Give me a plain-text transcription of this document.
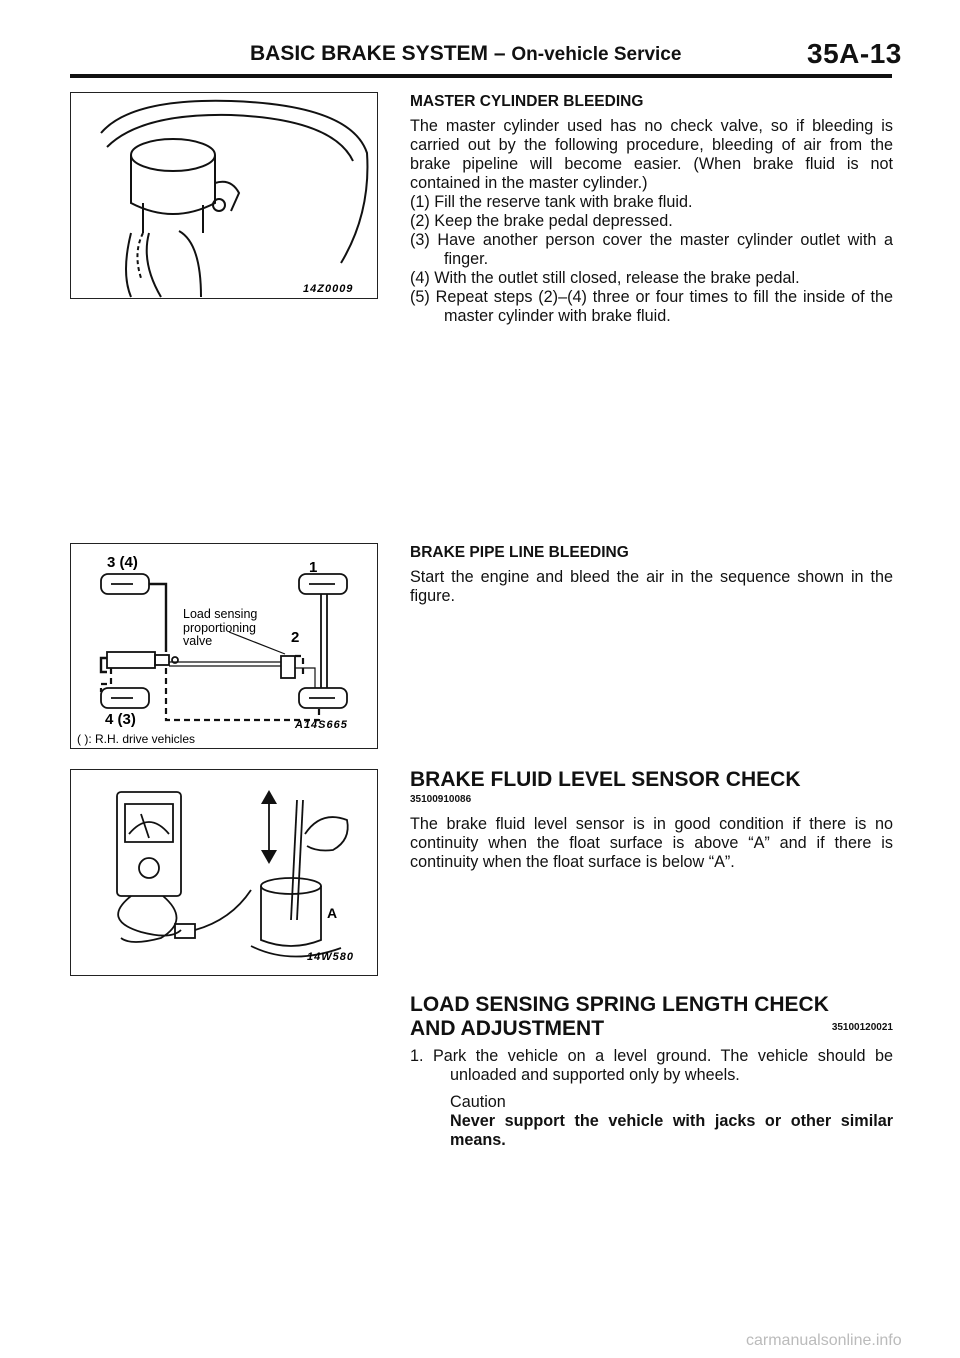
BASIC BRAKE SYSTEM – On-vehicle Service	35A-13
14Z0009
3 (4)	1
2
4 (3)
Load sensing
proportioning
valve
A14S665
( ): R.H. drive vehicles
A
14W580

MASTER CYLINDER BLEEDING

The master cylinder used has no check valve, so if bleeding is carried out by the following procedure, bleeding of air from the brake pipeline will become easier. (When brake fluid is not contained in the master cylinder.)

(1) Fill the reserve tank with brake fluid.

(2) Keep the brake pedal depressed.

(3) Have another person cover the master cylinder outlet with a finger.

(4) With the outlet still closed, release the brake pedal.

(5) Repeat steps (2)–(4) three or four times to fill the inside of the master cylinder with brake fluid.

BRAKE PIPE LINE BLEEDING

Start the engine and bleed the air in the sequence shown in the figure.

BRAKE FLUID LEVEL SENSOR CHECK

35100910086

The brake fluid level sensor is in good condition if there is no continuity when the float surface is above “A” and if there is continuity when the float surface is below “A”.

LOAD SENSING SPRING LENGTH CHECK

AND ADJUSTMENT	35100120021

1. Park the vehicle on a level ground. The vehicle should be unloaded and supported only by wheels.

Caution

Never support the vehicle with jacks or other similar means.

carmanualsonline.info
